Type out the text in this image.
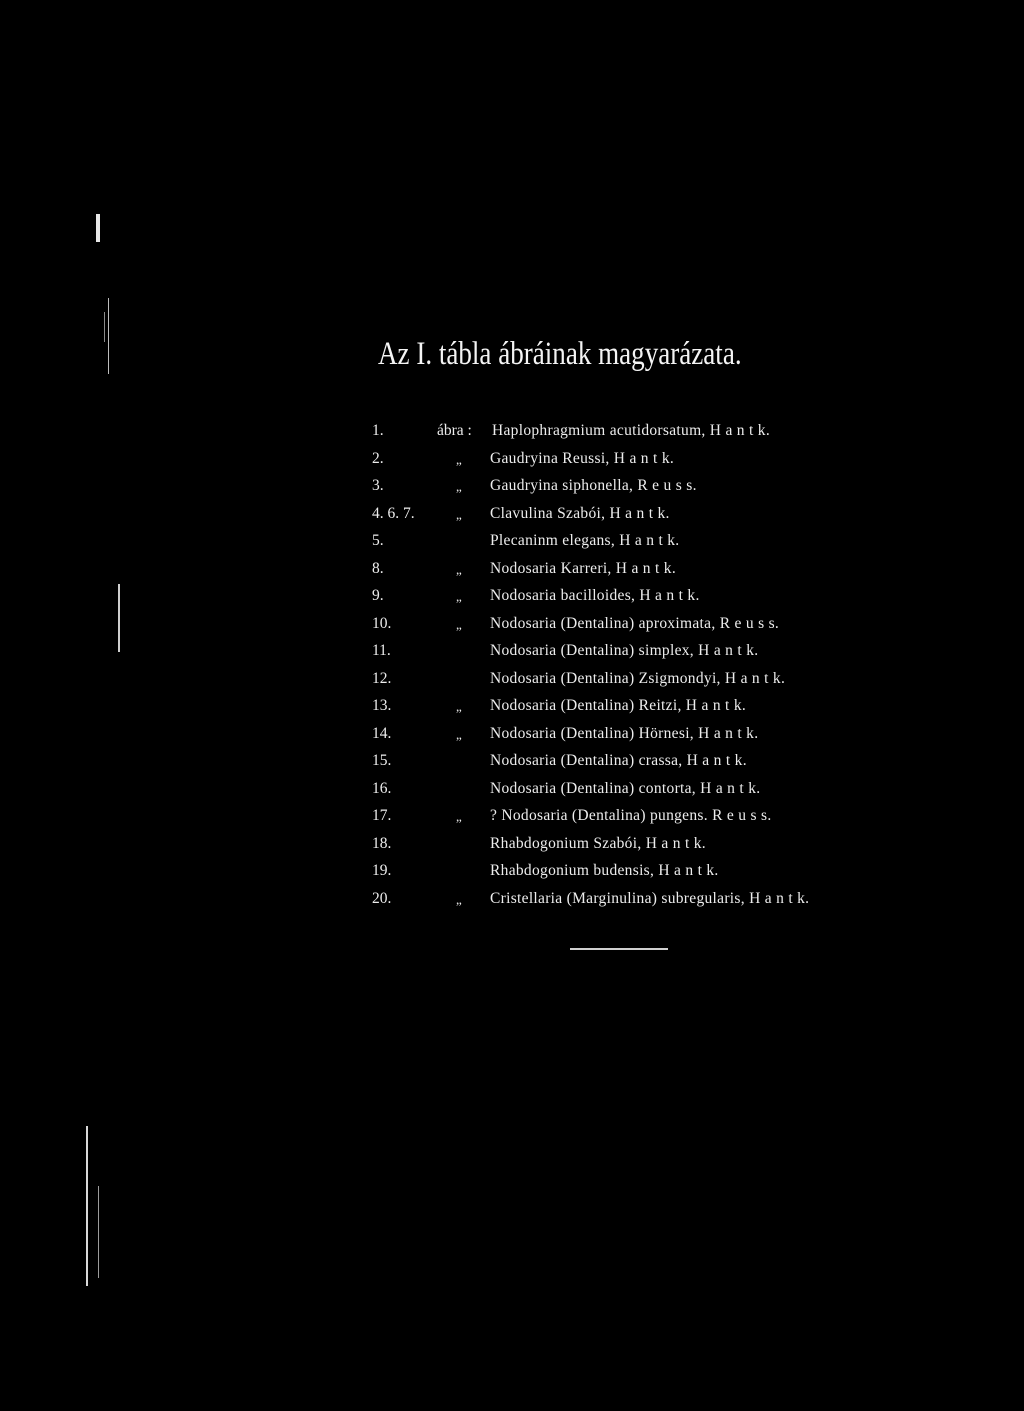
Az I. tábla ábráinak magyarázata.
1.	ábra : Haplophragmium acutidorsatum, H a n t k.
2.	„ Gaudryina Reussi, H a n t k.
3.	„ Gaudryina siphonella, R e u s s.
4. 6. 7.	„ Clavulina Szabói, H a n t k.
5.	Plecaninm elegans, H a n t k.
8.	„ Nodosaria Karreri, H a n t k.
9.	„ Nodosaria bacilloides, H a n t k.
10.	„ Nodosaria (Dentalina) aproximata, R e u s s.
11.	Nodosaria (Dentalina) simplex, H a n t k.
12.	Nodosaria (Dentalina) Zsigmondyi, H a n t k.
13.	„ Nodosaria (Dentalina) Reitzi, H a n t k.
14.	„ Nodosaria (Dentalina) Hörnesi, H a n t k.
15.	Nodosaria (Dentalina) crassa, H a n t k.
16.	Nodosaria (Dentalina) contorta, H a n t k.
17.	„ ? Nodosaria (Dentalina) pungens. R e u s s.
18.	Rhabdogonium Szabói, H a n t k.
19.	Rhabdogonium budensis, H a n t k.
20.	„ Cristellaria (Marginulina) subregularis, H a n t k.
